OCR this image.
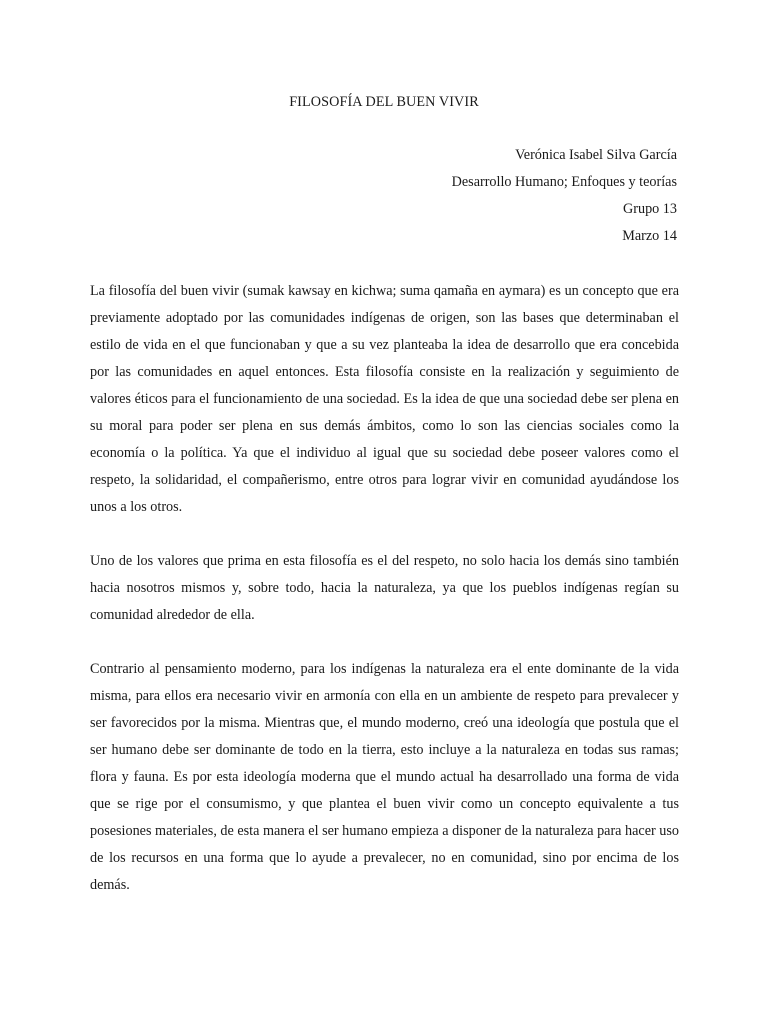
FILOSOFÍA DEL BUEN VIVIR
Verónica Isabel Silva García
Desarrollo Humano; Enfoques y teorías
Grupo 13
Marzo 14

La filosofía del buen vivir (sumak kawsay en kichwa; suma qamaña en aymara) es un concepto que era previamente adoptado por las comunidades indígenas de origen, son las bases que determinaban el estilo de vida en el que funcionaban y que a su vez planteaba la idea de desarrollo que era concebida por las comunidades en aquel entonces. Esta filosofía consiste en la realización y seguimiento de valores éticos para el funcionamiento de una sociedad. Es la idea de que una sociedad debe ser plena en su moral para poder ser plena en sus demás ámbitos, como lo son las ciencias sociales como la economía o la política. Ya que el individuo al igual que su sociedad debe poseer valores como el respeto, la solidaridad, el compañerismo, entre otros para lograr vivir en comunidad ayudándose los unos a los otros.

Uno de los valores que prima en esta filosofía es el del respeto, no solo hacia los demás sino también hacia nosotros mismos y, sobre todo, hacia la naturaleza, ya que los pueblos indígenas regían su comunidad alrededor de ella.

Contrario al pensamiento moderno, para los indígenas la naturaleza era el ente dominante de la vida misma, para ellos era necesario vivir en armonía con ella en un ambiente de respeto para prevalecer y ser favorecidos por la misma. Mientras que, el mundo moderno, creó una ideología que postula que el ser humano debe ser dominante de todo en la tierra, esto incluye a la naturaleza en todas sus ramas; flora y fauna. Es por esta ideología moderna que el mundo actual ha desarrollado una forma de vida que se rige por el consumismo, y que plantea el buen vivir como un concepto equivalente a tus posesiones materiales, de esta manera el ser humano empieza a disponer de la naturaleza para hacer uso de los recursos en una forma que lo ayude a prevalecer, no en comunidad, sino por encima de los demás.
